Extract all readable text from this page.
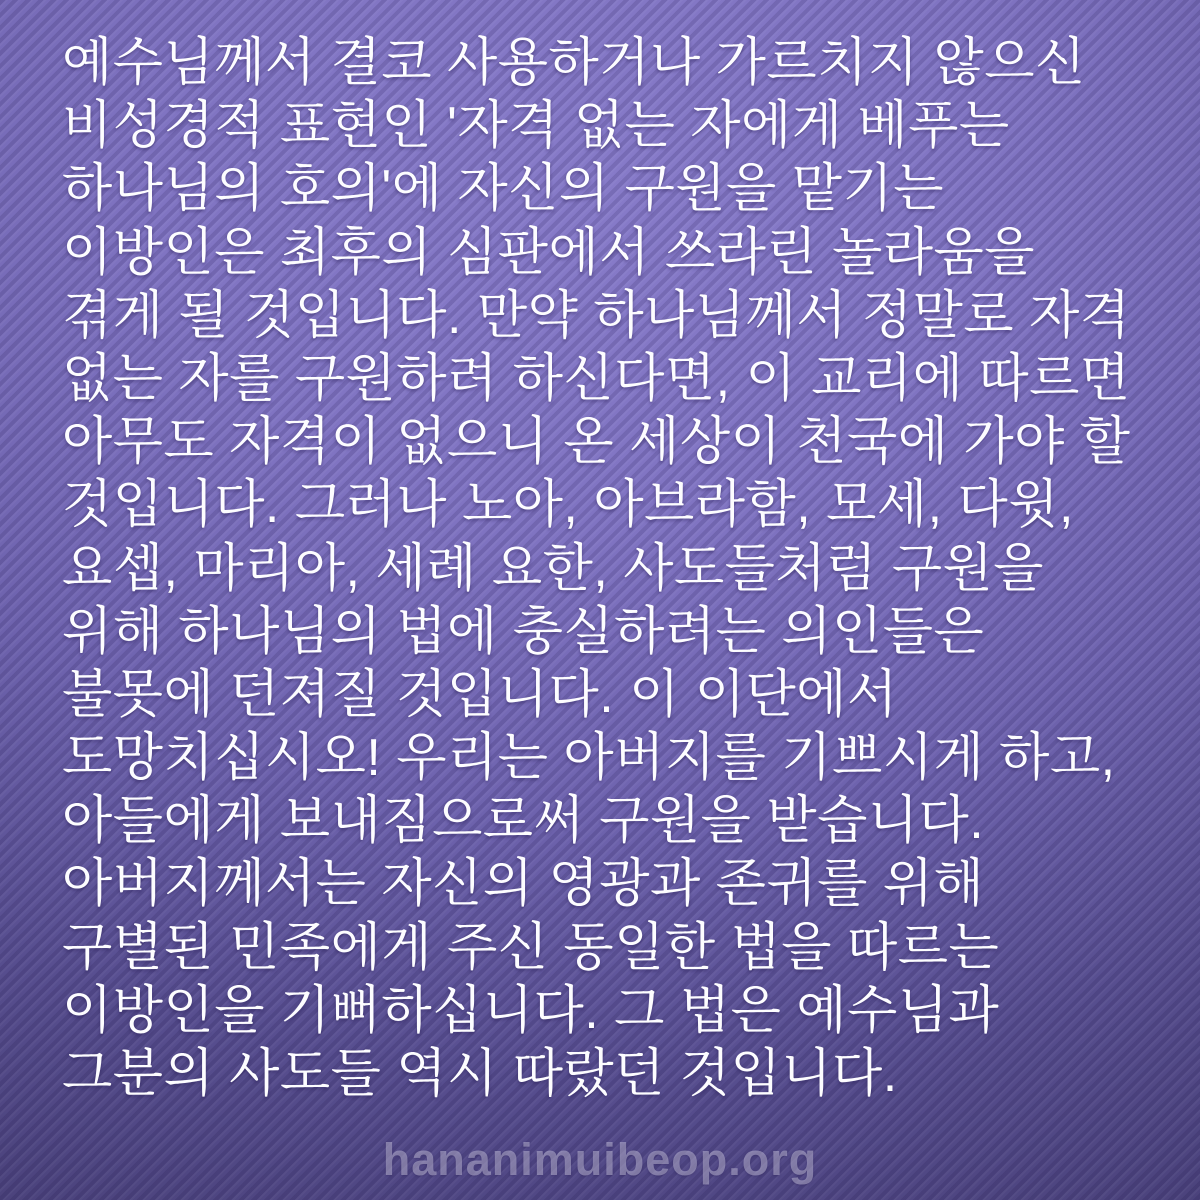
예수님께서 결코 사용하거나 가르치지 않으신
비성경적 표현인 '자격 없는 자에게 베푸는
하나님의 호의'에 자신의 구원을 맡기는
이방인은 최후의 심판에서 쓰라린 놀라움을
겪게 될 것입니다. 만약 하나님께서 정말로 자격
없는 자를 구원하려 하신다면, 이 교리에 따르면
아무도 자격이 없으니 온 세상이 천국에 가야 할
것입니다. 그러나 노아, 아브라함, 모세, 다윗,
요셉, 마리아, 세례 요한, 사도들처럼 구원을
위해 하나님의 법에 충실하려는 의인들은
불못에 던져질 것입니다. 이 이단에서
도망치십시오! 우리는 아버지를 기쁘시게 하고,
아들에게 보내짐으로써 구원을 받습니다.
아버지께서는 자신의 영광과 존귀를 위해
구별된 민족에게 주신 동일한 법을 따르는
이방인을 기뻐하십니다. 그 법은 예수님과
그분의 사도들 역시 따랐던 것입니다.
hananimuibeop.org
